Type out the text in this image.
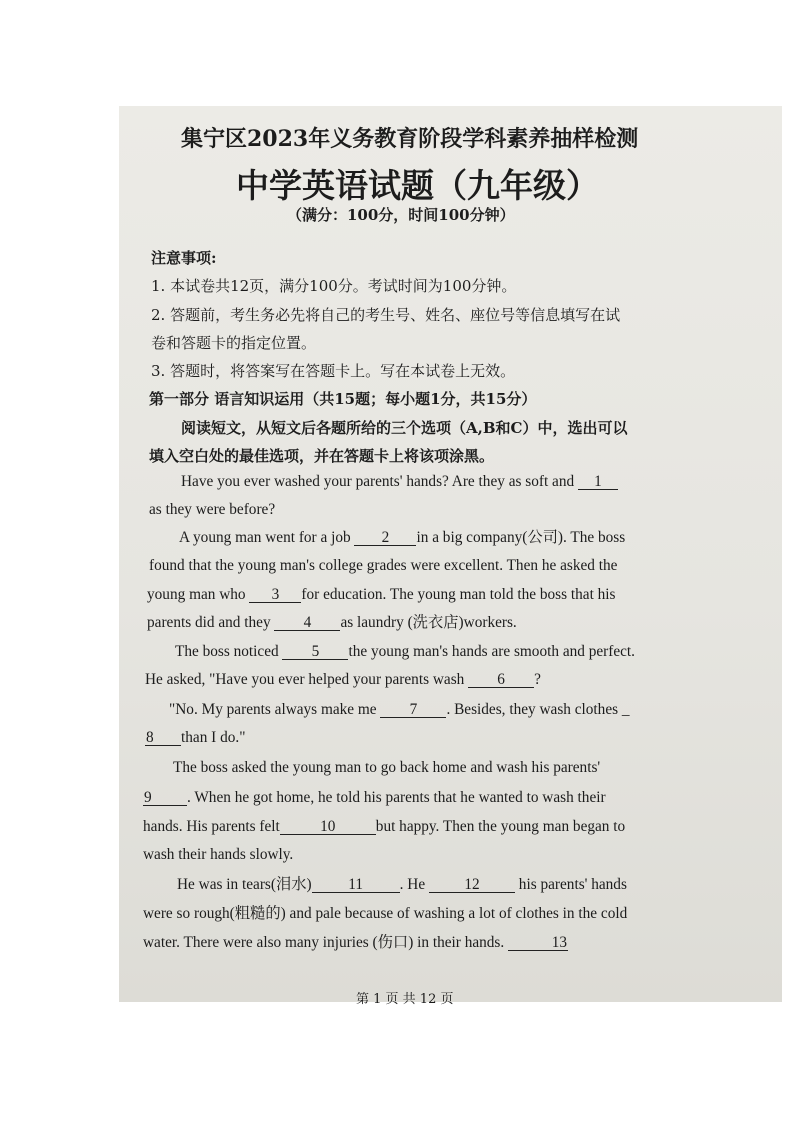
集宁区2023年义务教育阶段学科素养抽样检测
中学英语试题（九年级）
（满分：100分，时间100分钟）
注意事项:
1. 本试卷共12页，满分100分。考试时间为100分钟。
2. 答题前，考生务必先将自己的考生号、姓名、座位号等信息填写在试
卷和答题卡的指定位置。
3. 答题时，将答案写在答题卡上。写在本试卷上无效。
第一部分 语言知识运用（共15题；每小题1分，共15分）
阅读短文，从短文后各题所给的三个选项（A,B和C）中，选出可以
填入空白处的最佳选项，并在答题卡上将该项涂黑。
Have you ever washed your parents' hands? Are they as soft and 1
as they were before?
A young man went for a job 2 in a big company(公司). The boss
found that the young man's college grades were excellent. Then he asked the
young man who 3 for education. The young man told the boss that his
parents did and they 4 as laundry (洗衣店)workers.
The boss noticed 5 the young man's hands are smooth and perfect.
He asked, "Have you ever helped your parents wash 6 ?
"No. My parents always make me 7 . Besides, they wash clothes _
8 than I do."
The boss asked the young man to go back home and wash his parents'
9 . When he got home, he told his parents that he wanted to wash their
hands. His parents felt	10	but happy. Then the young man began to
wash their hands slowly.
He was in tears(泪水) 11 . He 12 his parents' hands
were so rough(粗糙的) and pale because of washing a lot of clothes in the cold
water. There were also many injuries (伤口) in their hands.	13
第 1 页 共 12 页
